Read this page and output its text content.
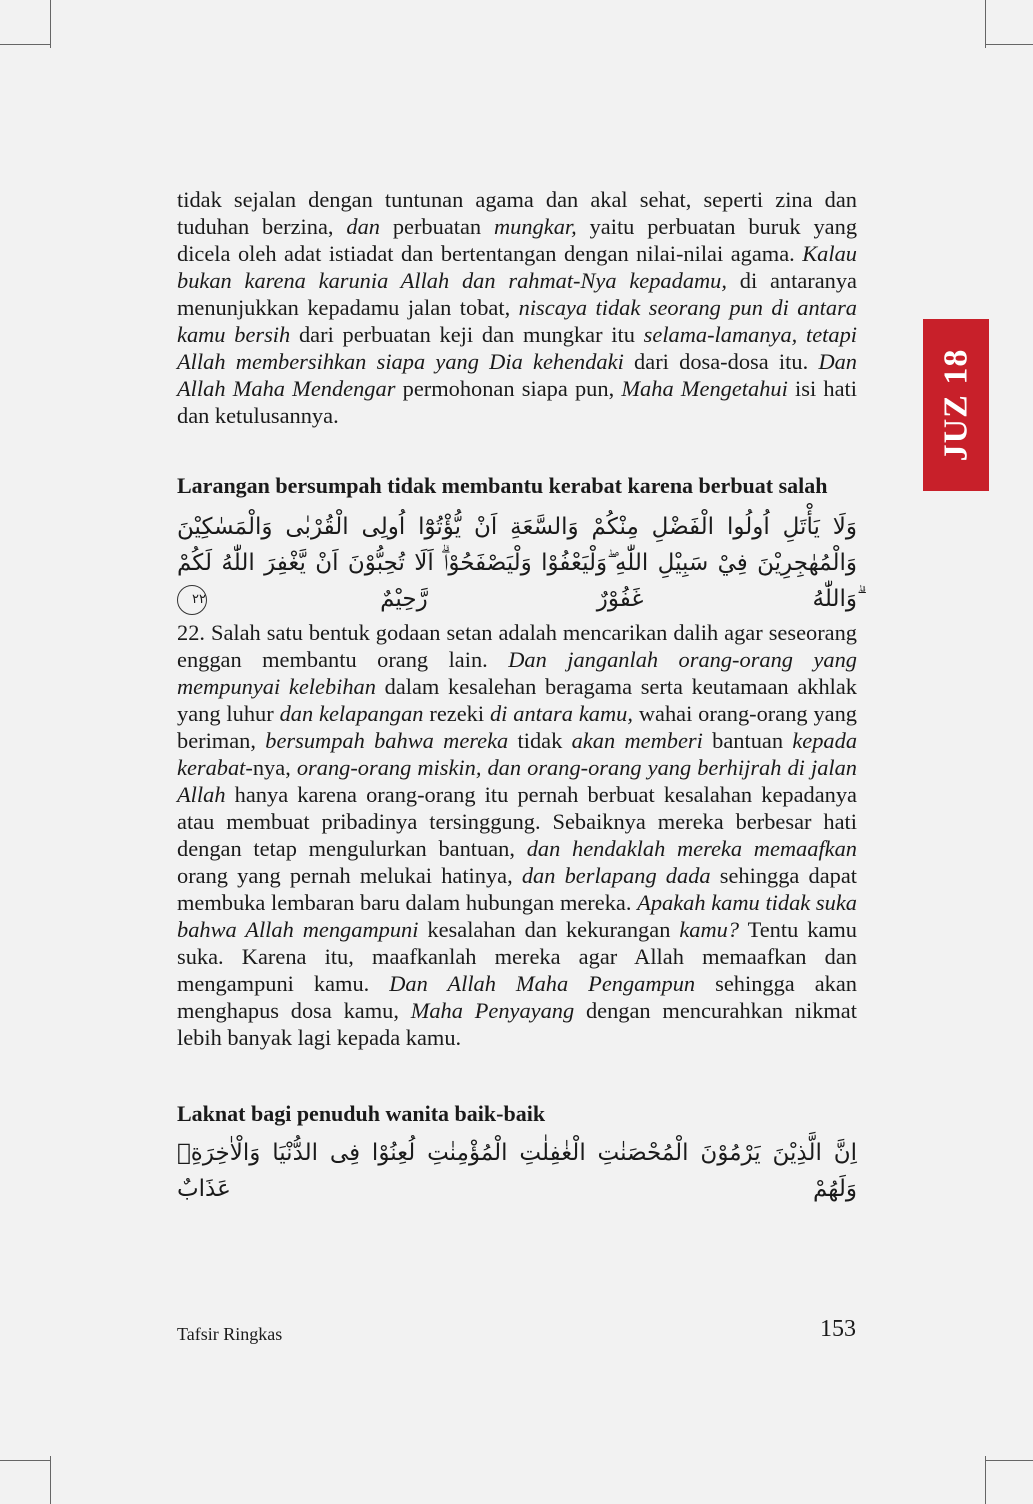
JUZ 18

tidak sejalan dengan tuntunan agama dan akal sehat, seperti zina dan tuduhan berzina, dan perbuatan mungkar, yaitu perbuatan buruk yang dicela oleh adat istiadat dan bertentangan dengan nilai-nilai agama. Kalau bukan karena karunia Allah dan rahmat-Nya kepadamu, di antaranya menunjukkan kepadamu jalan tobat, niscaya tidak seorang pun di antara kamu bersih dari perbuatan keji dan mungkar itu selama-lamanya, tetapi Allah membersihkan siapa yang Dia kehendaki dari dosa-dosa itu. Dan Allah Maha Mendengar permohonan siapa pun, Maha Mengetahui isi hati dan ketulusannya.

Larangan bersumpah tidak membantu kerabat karena berbuat salah

وَلَا يَأْتَلِ اُولُوا الْفَضْلِ مِنْكُمْ وَالسَّعَةِ اَنْ يُّؤْتُوْٓا اُولِى الْقُرْبٰى وَالْمَسٰكِيْنَ وَالْمُهٰجِرِيْنَ فِيْ سَبِيْلِ اللّٰهِ ۖوَلْيَعْفُوْا وَلْيَصْفَحُوْاۗ اَلَا تُحِبُّوْنَ اَنْ يَّغْفِرَ اللّٰهُ لَكُمْ ۗوَاللّٰهُ غَفُوْرٌ رَّحِيْمٌ ٢٢

22. Salah satu bentuk godaan setan adalah mencarikan dalih agar seseorang enggan membantu orang lain. Dan janganlah orang-orang yang mempunyai kelebihan dalam kesalehan beragama serta keutamaan akhlak yang luhur dan kelapangan rezeki di antara kamu, wahai orang-orang yang beriman, bersumpah bahwa mereka tidak akan memberi bantuan kepada kerabat-nya, orang-orang miskin, dan orang-orang yang berhijrah di jalan Allah hanya karena orang-orang itu pernah berbuat kesalahan kepadanya atau membuat pribadinya tersinggung. Sebaiknya mereka berbesar hati dengan tetap mengulurkan bantuan, dan hendaklah mereka memaafkan orang yang pernah melukai hatinya, dan berlapang dada sehingga dapat membuka lembaran baru dalam hubungan mereka. Apakah kamu tidak suka bahwa Allah mengampuni kesalahan dan kekurangan kamu? Tentu kamu suka. Karena itu, maafkanlah mereka agar Allah memaafkan dan mengampuni kamu. Dan Allah Maha Pengampun sehingga akan menghapus dosa kamu, Maha Penyayang dengan mencurahkan nikmat lebih banyak lagi kepada kamu.

Laknat bagi penuduh wanita baik-baik

اِنَّ الَّذِيْنَ يَرْمُوْنَ الْمُحْصَنٰتِ الْغٰفِلٰتِ الْمُؤْمِنٰتِ لُعِنُوْا فِى الدُّنْيَا وَالْاٰخِرَةِۖ وَلَهُمْ عَذَابٌ

Tafsir Ringkas	153
